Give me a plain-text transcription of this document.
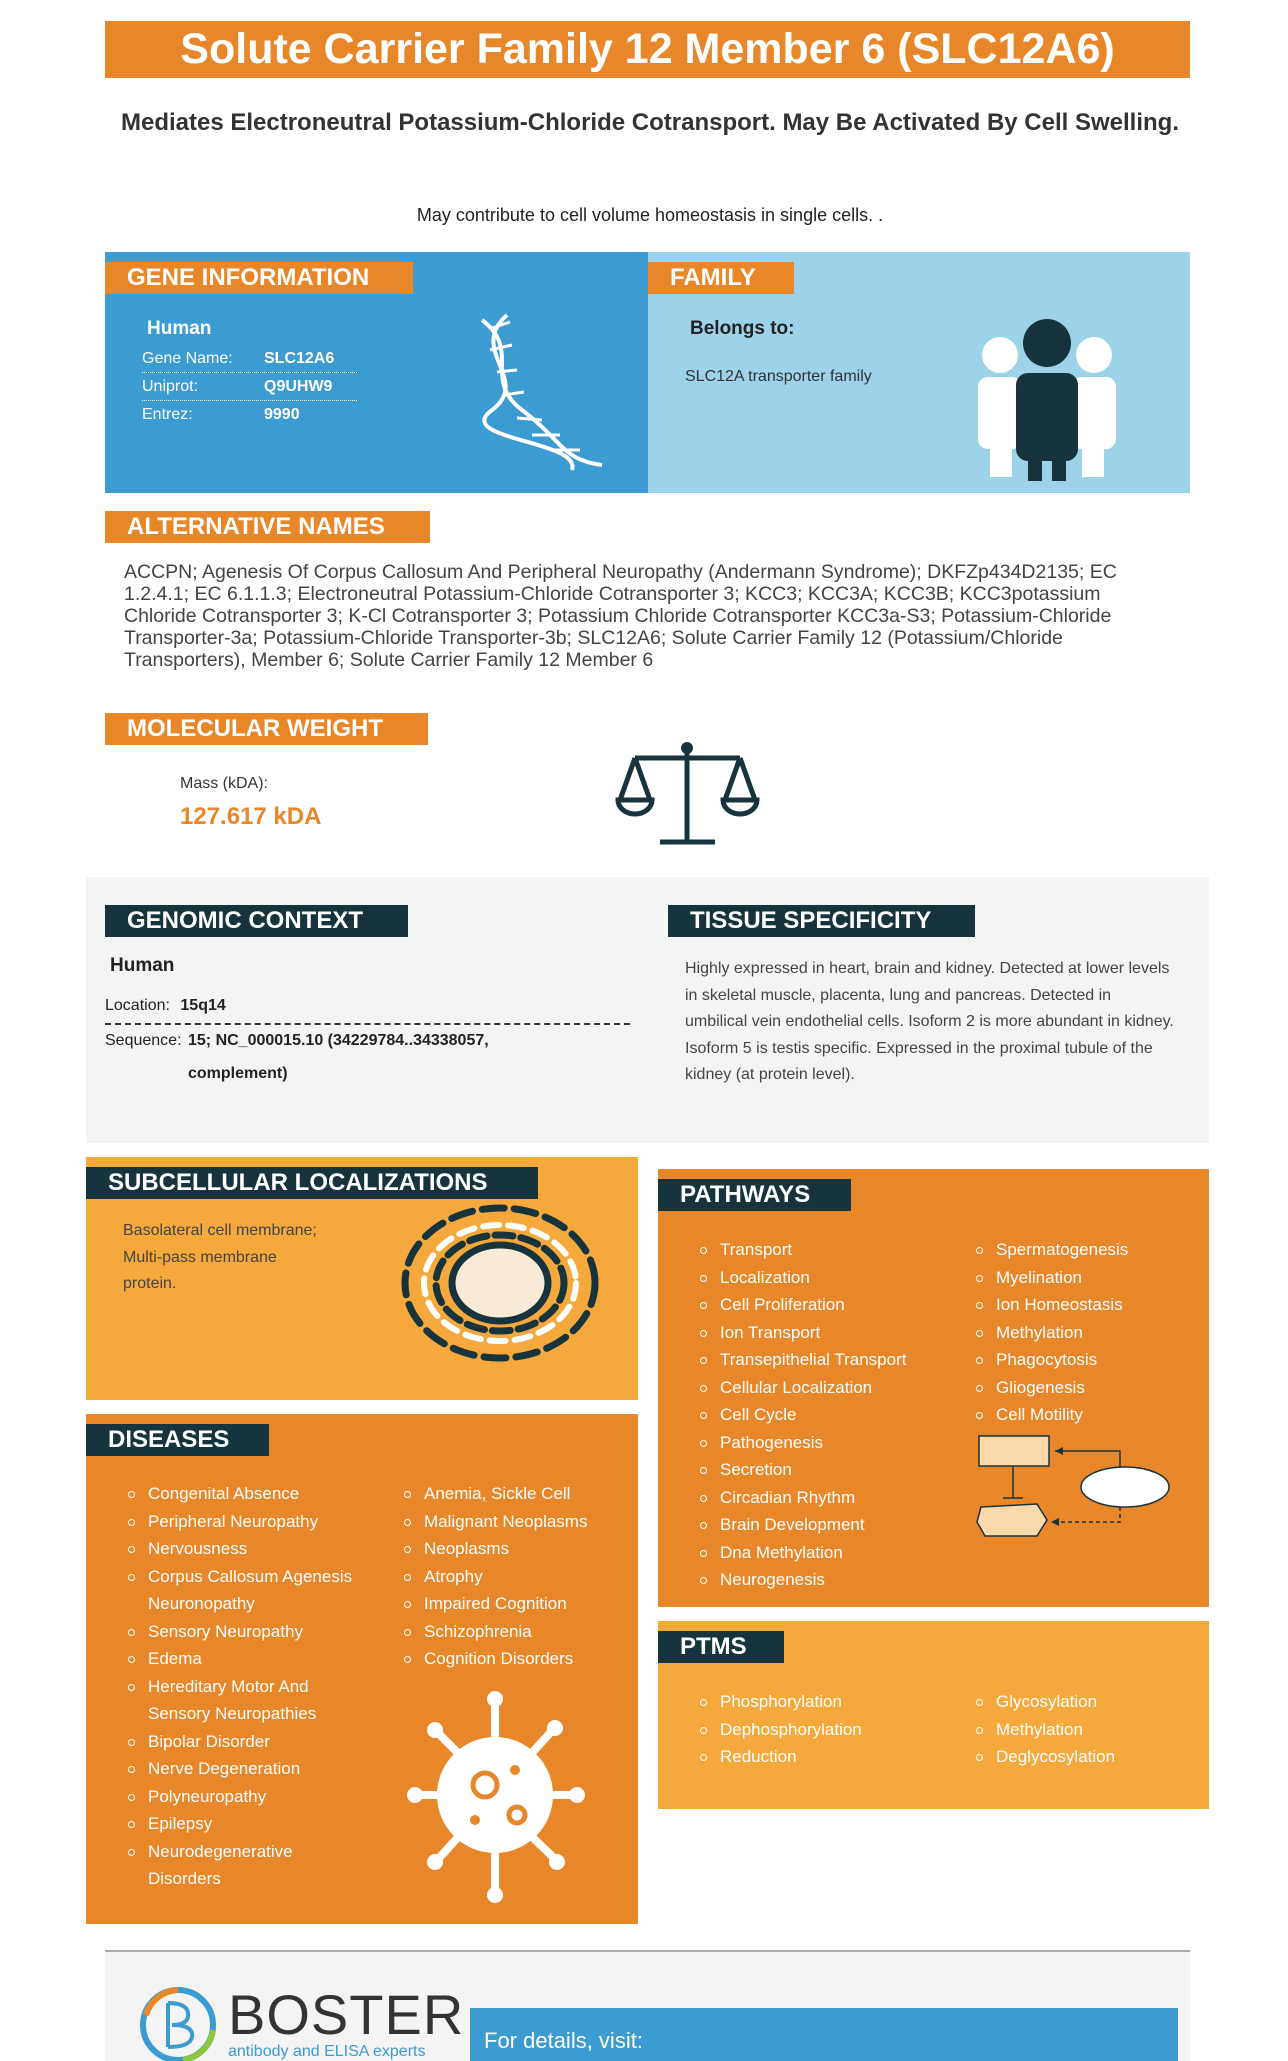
Solute Carrier Family 12 Member 6 (SLC12A6)
Mediates Electroneutral Potassium-Chloride Cotransport. May Be Activated By Cell Swelling.
May contribute to cell volume homeostasis in single cells. .
GENE INFORMATION
Human
Gene Name: SLC12A6
Uniprot:	Q9UHW9
Entrez:	9990
FAMILY
Belongs to:
SLC12A transporter family
ALTERNATIVE NAMES
ACCPN; Agenesis Of Corpus Callosum And Peripheral Neuropathy (Andermann Syndrome); DKFZp434D2135; EC 1.2.4.1; EC 6.1.1.3; Electroneutral Potassium-Chloride Cotransporter 3; KCC3; KCC3A; KCC3B; KCC3potassium Chloride Cotransporter 3; K-Cl Cotransporter 3; Potassium Chloride Cotransporter KCC3a-S3; Potassium-Chloride Transporter-3a; Potassium-Chloride Transporter-3b; SLC12A6; Solute Carrier Family 12 (Potassium/Chloride Transporters), Member 6; Solute Carrier Family 12 Member 6
MOLECULAR WEIGHT
Mass (kDA):
127.617 kDA
GENOMIC CONTEXT
Human
Location: 15q14
Sequence: 15; NC_000015.10 (34229784..34338057,
complement)
TISSUE SPECIFICITY
Highly expressed in heart, brain and kidney. Detected at lower levels in skeletal muscle, placenta, lung and pancreas. Detected in umbilical vein endothelial cells. Isoform 2 is more abundant in kidney. Isoform 5 is testis specific. Expressed in the proximal tubule of the kidney (at protein level).
SUBCELLULAR LOCALIZATIONS
Basolateral cell membrane; Multi-pass membrane protein.
DISEASES
Congenital Absence
Peripheral Neuropathy
Nervousness
Corpus Callosum Agenesis Neuronopathy
Sensory Neuropathy
Edema
Hereditary Motor And Sensory Neuropathies
Bipolar Disorder
Nerve Degeneration
Polyneuropathy
Epilepsy
Neurodegenerative Disorders
Anemia, Sickle Cell
Malignant Neoplasms
Neoplasms
Atrophy
Impaired Cognition
Schizophrenia
Cognition Disorders
PATHWAYS
Transport
Localization
Cell Proliferation
Ion Transport
Transepithelial Transport
Cellular Localization
Cell Cycle
Pathogenesis
Secretion
Circadian Rhythm
Brain Development
Dna Methylation
Neurogenesis
Spermatogenesis
Myelination
Ion Homeostasis
Methylation
Phagocytosis
Gliogenesis
Cell Motility
PTMS
Phosphorylation
Dephosphorylation
Reduction
Glycosylation
Methylation
Deglycosylation
BOSTER
antibody and ELISA experts	For details, visit:
